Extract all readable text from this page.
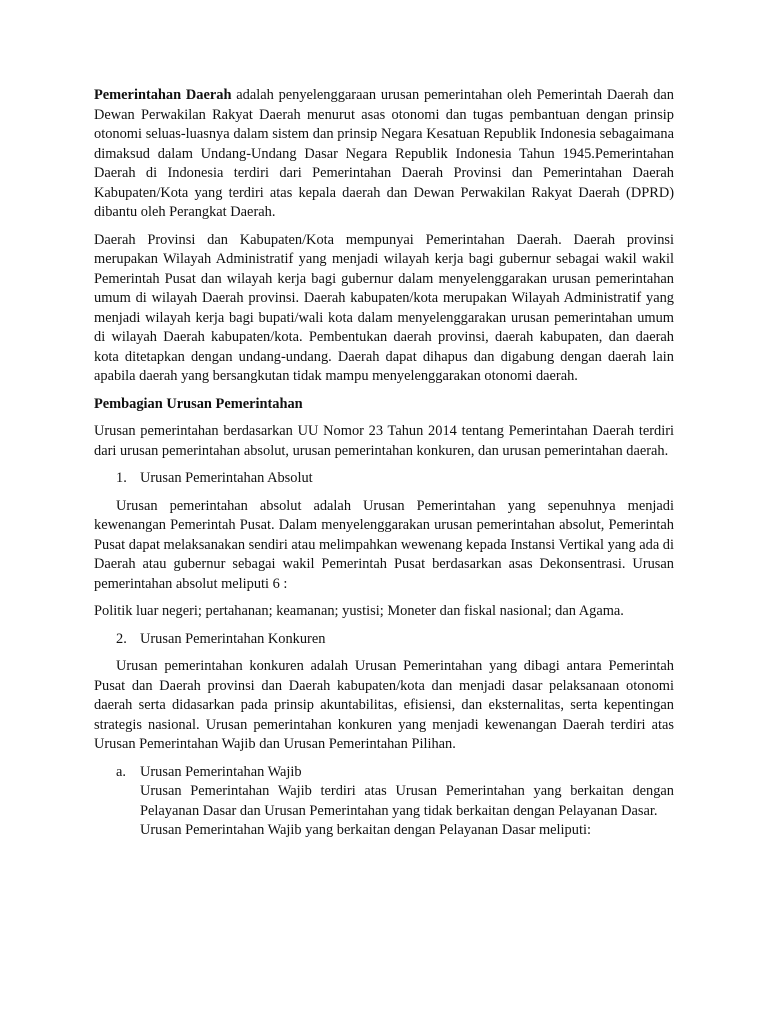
Pemerintahan Daerah adalah penyelenggaraan urusan pemerintahan oleh Pemerintah Daerah dan Dewan Perwakilan Rakyat Daerah menurut asas otonomi dan tugas pembantuan dengan prinsip otonomi seluas-luasnya dalam sistem dan prinsip Negara Kesatuan Republik Indonesia sebagaimana dimaksud dalam Undang-Undang Dasar Negara Republik Indonesia Tahun 1945.Pemerintahan Daerah di Indonesia terdiri dari Pemerintahan Daerah Provinsi dan Pemerintahan Daerah Kabupaten/Kota yang terdiri atas kepala daerah dan Dewan Perwakilan Rakyat Daerah (DPRD) dibantu oleh Perangkat Daerah.

Daerah Provinsi dan Kabupaten/Kota mempunyai Pemerintahan Daerah. Daerah provinsi merupakan Wilayah Administratif yang menjadi wilayah kerja bagi gubernur sebagai wakil wakil Pemerintah Pusat dan wilayah kerja bagi gubernur dalam menyelenggarakan urusan pemerintahan umum di wilayah Daerah provinsi. Daerah kabupaten/kota merupakan Wilayah Administratif yang menjadi wilayah kerja bagi bupati/wali kota dalam menyelenggarakan urusan pemerintahan umum di wilayah Daerah kabupaten/kota. Pembentukan daerah provinsi, daerah kabupaten, dan daerah kota ditetapkan dengan undang-undang. Daerah dapat dihapus dan digabung dengan daerah lain apabila daerah yang bersangkutan tidak mampu menyelenggarakan otonomi daerah.

Pembagian Urusan Pemerintahan

Urusan pemerintahan berdasarkan UU Nomor 23 Tahun 2014 tentang Pemerintahan Daerah terdiri dari urusan pemerintahan absolut, urusan pemerintahan konkuren, dan urusan pemerintahan daerah.

1. Urusan Pemerintahan Absolut

Urusan pemerintahan absolut adalah Urusan Pemerintahan yang sepenuhnya menjadi kewenangan Pemerintah Pusat. Dalam menyelenggarakan urusan pemerintahan absolut, Pemerintah Pusat dapat melaksanakan sendiri atau melimpahkan wewenang kepada Instansi Vertikal yang ada di Daerah atau gubernur sebagai wakil Pemerintah Pusat berdasarkan asas Dekonsentrasi. Urusan pemerintahan absolut meliputi 6 :

Politik luar negeri; pertahanan; keamanan; yustisi; Moneter dan fiskal nasional; dan Agama.

2. Urusan Pemerintahan Konkuren

Urusan pemerintahan konkuren adalah Urusan Pemerintahan yang dibagi antara Pemerintah Pusat dan Daerah provinsi dan Daerah kabupaten/kota dan menjadi dasar pelaksanaan otonomi daerah serta didasarkan pada prinsip akuntabilitas, efisiensi, dan eksternalitas, serta kepentingan strategis nasional. Urusan pemerintahan konkuren yang menjadi kewenangan Daerah terdiri atas Urusan Pemerintahan Wajib dan Urusan Pemerintahan Pilihan.

a. Urusan Pemerintahan Wajib

Urusan Pemerintahan Wajib terdiri atas Urusan Pemerintahan yang berkaitan dengan Pelayanan Dasar dan Urusan Pemerintahan yang tidak berkaitan dengan Pelayanan Dasar.

Urusan Pemerintahan Wajib yang berkaitan dengan Pelayanan Dasar meliputi:
